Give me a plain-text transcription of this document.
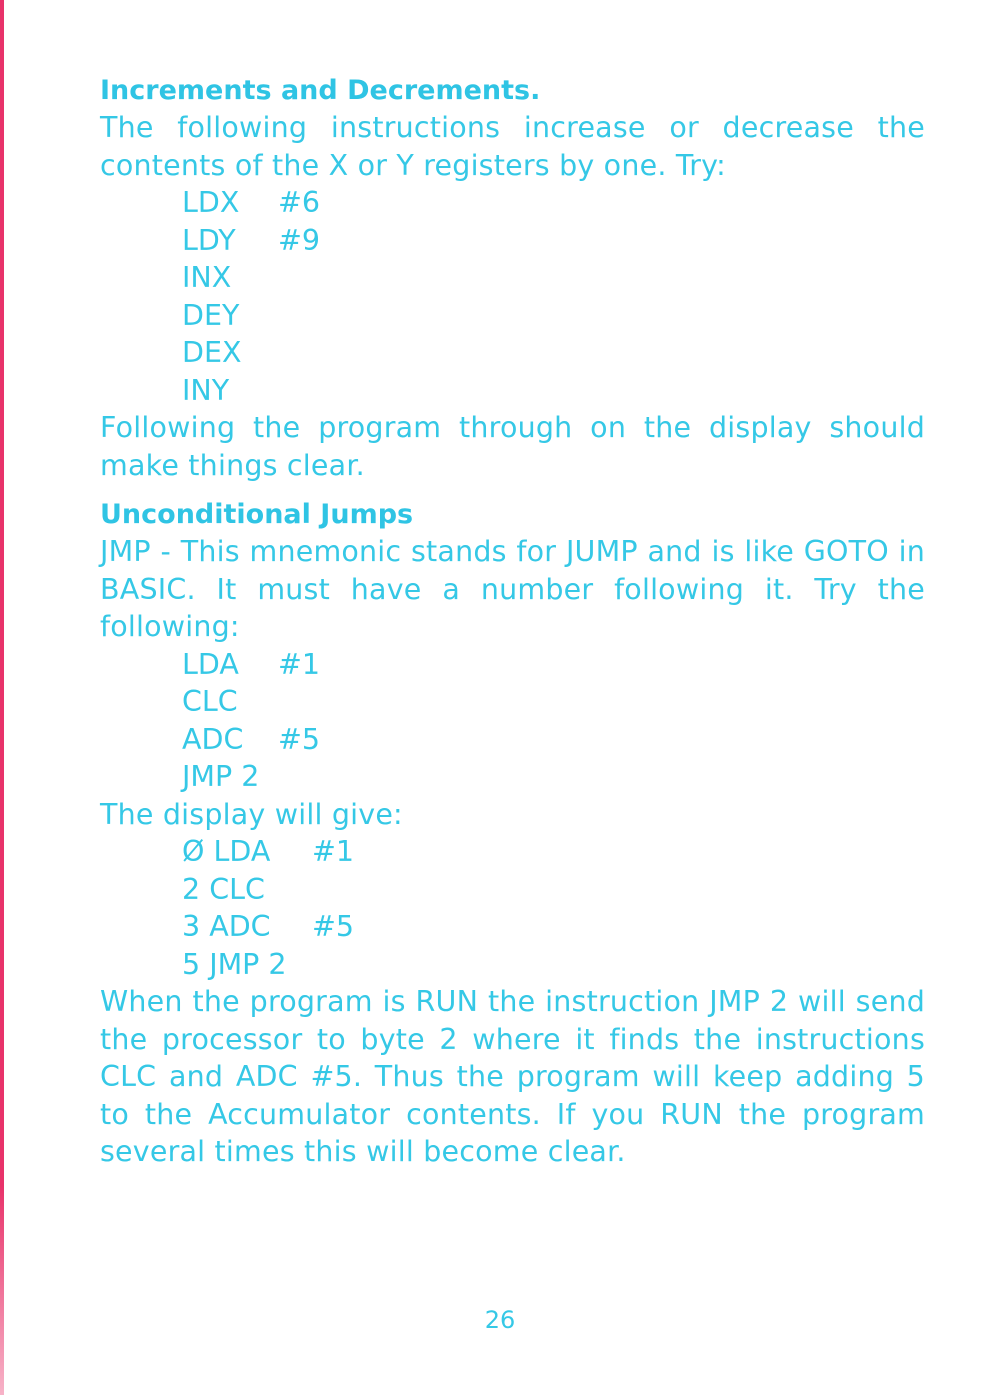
Increments and Decrements.

The following instructions increase or decrease the contents of the X or Y registers by one. Try:

LDX #6
LDY #9
INX
DEY
DEX
INY

Following the program through on the display should make things clear.

Unconditional Jumps

JMP - This mnemonic stands for JUMP and is like GOTO in BASIC. It must have a number following it. Try the following:

LDA #1
CLC
ADC #5
JMP 2

The display will give:

Ø LDA #1
2 CLC
3 ADC #5
5 JMP 2

When the program is RUN the instruction JMP 2 will send the processor to byte 2 where it finds the instructions CLC and ADC #5. Thus the program will keep adding 5 to the Accumulator contents. If you RUN the program several times this will become clear.

26
